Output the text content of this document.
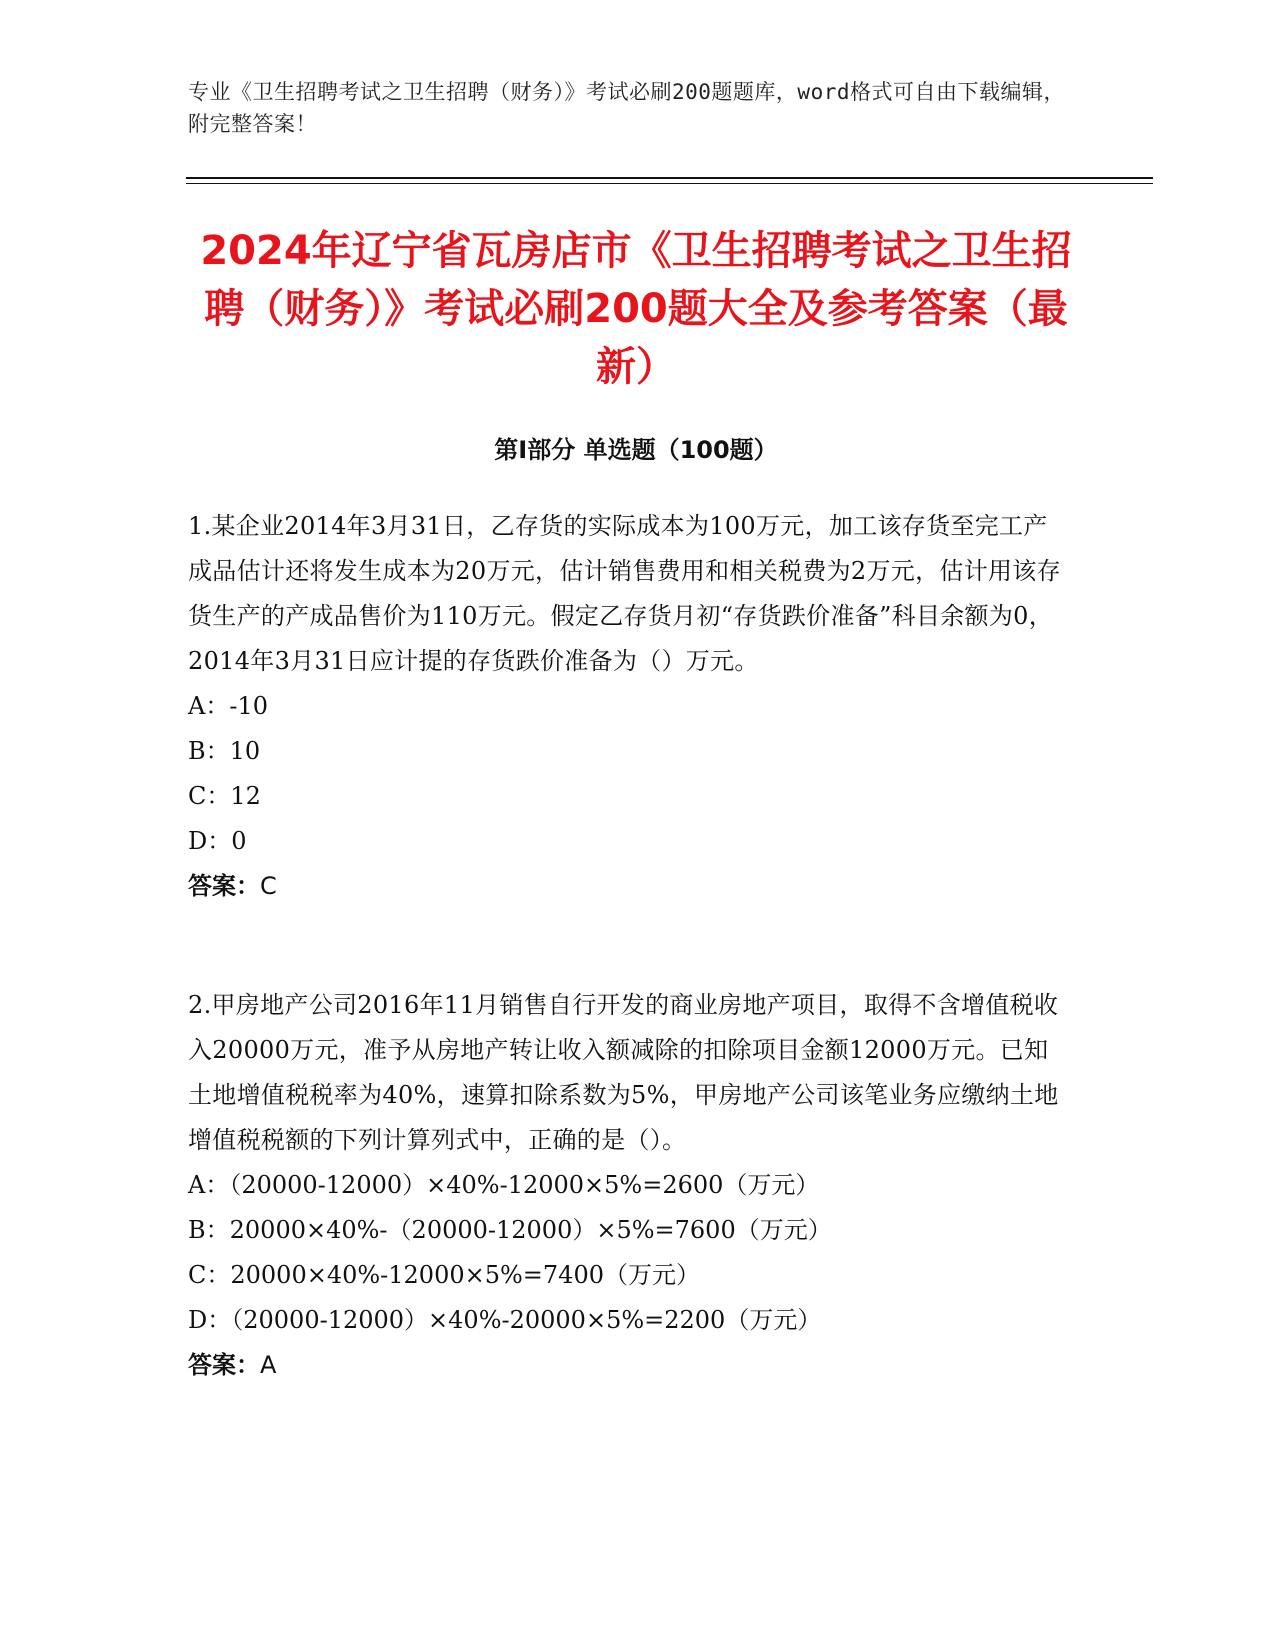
专业《卫生招聘考试之卫生招聘（财务）》考试必刷200题题库，word格式可自由下载编辑，附完整答案！
2024年辽宁省瓦房店市《卫生招聘考试之卫生招聘（财务）》考试必刷200题大全及参考答案（最新）
第Ⅰ部分 单选题（100题）
1.某企业2014年3月31日，乙存货的实际成本为100万元，加工该存货至完工产成品估计还将发生成本为20万元，估计销售费用和相关税费为2万元，估计用该存货生产的产成品售价为110万元。假定乙存货月初“存货跌价准备”科目余额为0，2014年3月31日应计提的存货跌价准备为（）万元。
A：-10
B：10
C：12
D：0
答案：C
2.甲房地产公司2016年11月销售自行开发的商业房地产项目，取得不含增值税收入20000万元，准予从房地产转让收入额减除的扣除项目金额12000万元。已知土地增值税税率为40%，速算扣除系数为5%，甲房地产公司该笔业务应缴纳土地增值税税额的下列计算列式中，正确的是（）。
A：（20000-12000）×40%-12000×5%=2600（万元）
B：20000×40%-（20000-12000）×5%=7600（万元）
C：20000×40%-12000×5%=7400（万元）
D：（20000-12000）×40%-20000×5%=2200（万元）
答案：A
